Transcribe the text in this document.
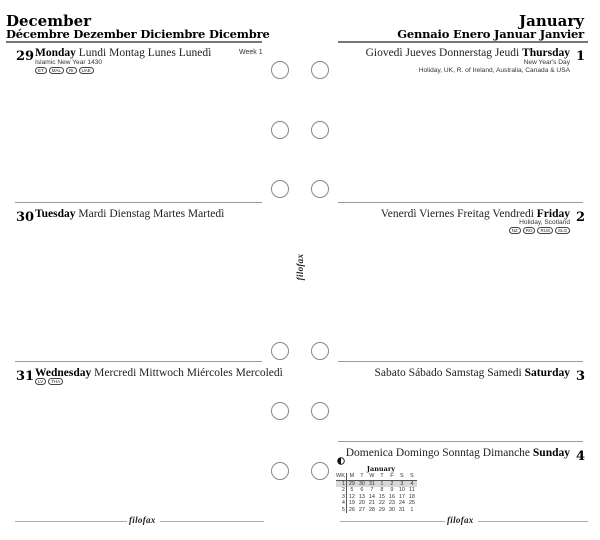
December
Décembre Dezember Diciembre Dicembre
29 Monday Lundi Montag Lunes Lunedì	Week 1
Islamic New Year 1430
ET	MAL	RI	UAE
30 Tuesday Mardi Dienstag Martes Martedì
31 Wednesday Mercredi Mittwoch Miércoles Mercoledì
LV	THA
filofax
filofax
January
Gennaio Enero Januar Janvier
Giovedì Jueves Donnerstag Jeudi Thursday 1
New Year's Day
Holiday, UK, R. of Ireland, Australia, Canada & USA
Venerdì Viernes Freitag Vendredi Friday 2
Holiday, Scotland
NZ	RO	RUS	SLO
Sabato Sábado Samstag Samedi Saturday 3
Domenica Domingo Sonntag Dimanche Sunday 4
January
WK	M	T	W	T	F	S	S
1	29	30	31	1	2	3	4
2	5	6	7	8	9	10	11
3	12	13	14	15	16	17	18
4	19	20	21	22	23	24	25
5	26	27	28	29	30	31	1
filofax
